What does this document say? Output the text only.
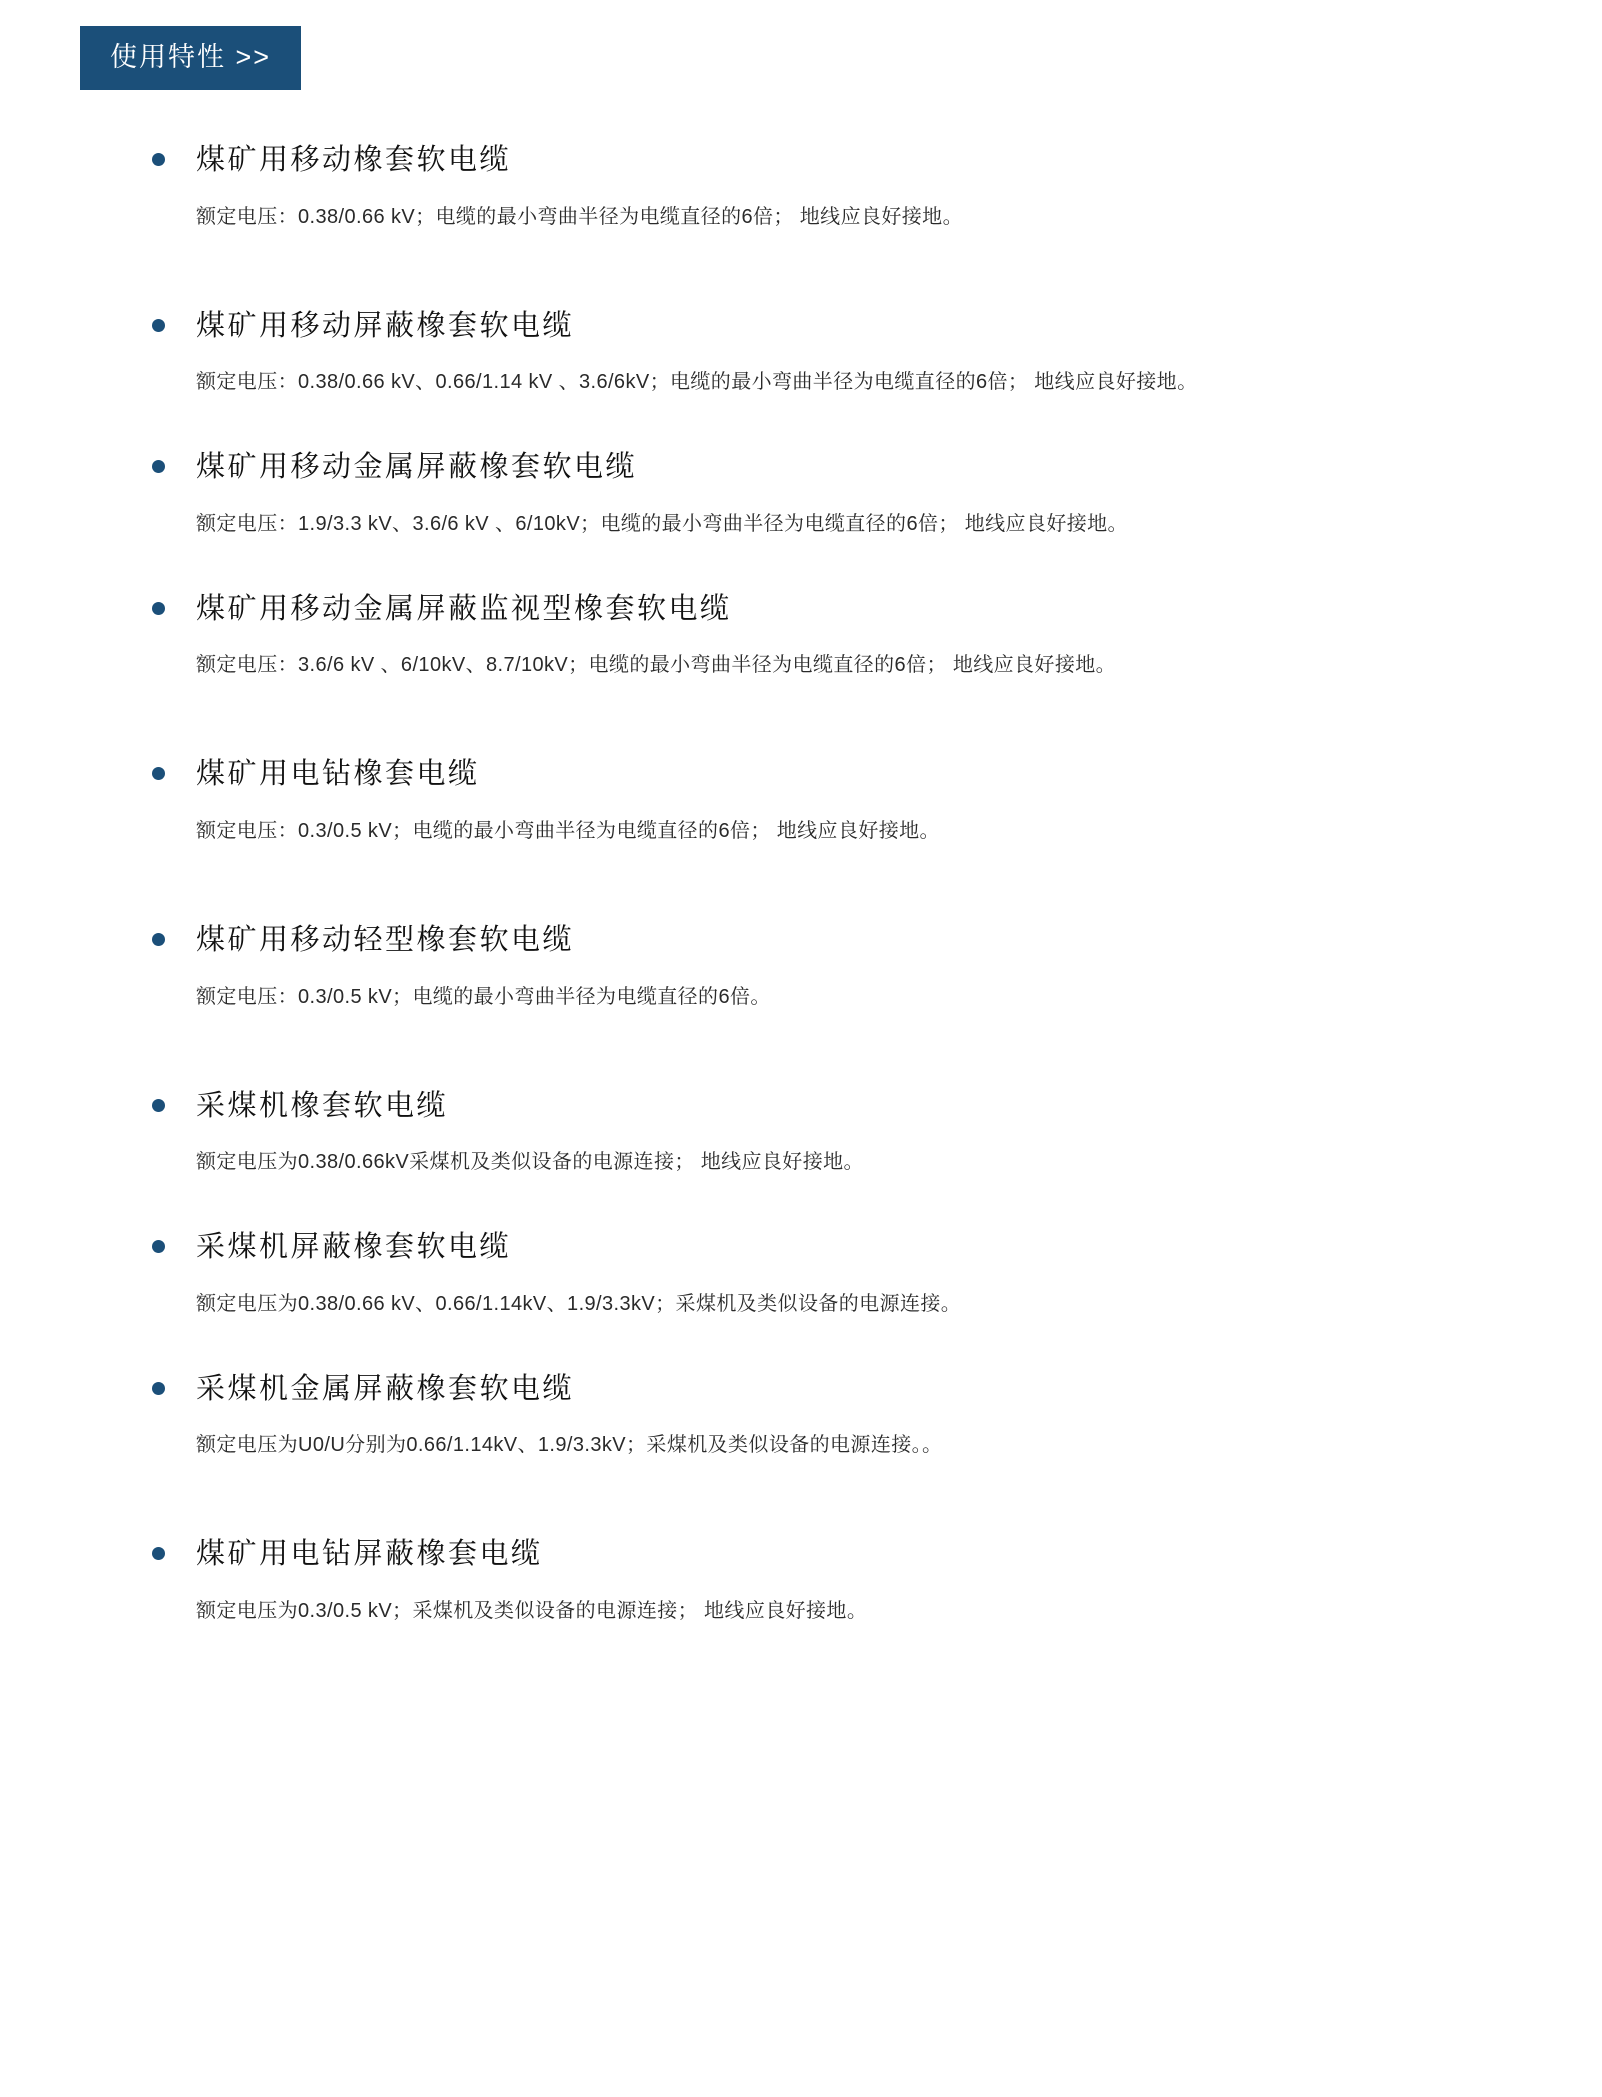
使用特性 >>
煤矿用移动橡套软电缆
额定电压：0.38/0.66 kV；电缆的最小弯曲半径为电缆直径的6倍； 地线应良好接地。
煤矿用移动屏蔽橡套软电缆
额定电压：0.38/0.66 kV、0.66/1.14 kV 、3.6/6kV；电缆的最小弯曲半径为电缆直径的6倍； 地线应良好接地。
煤矿用移动金属屏蔽橡套软电缆
额定电压：1.9/3.3 kV、3.6/6 kV 、6/10kV；电缆的最小弯曲半径为电缆直径的6倍； 地线应良好接地。
煤矿用移动金属屏蔽监视型橡套软电缆
额定电压：3.6/6 kV 、6/10kV、8.7/10kV；电缆的最小弯曲半径为电缆直径的6倍； 地线应良好接地。
煤矿用电钻橡套电缆
额定电压：0.3/0.5 kV；电缆的最小弯曲半径为电缆直径的6倍； 地线应良好接地。
煤矿用移动轻型橡套软电缆
额定电压：0.3/0.5 kV；电缆的最小弯曲半径为电缆直径的6倍。
采煤机橡套软电缆
额定电压为0.38/0.66kV采煤机及类似设备的电源连接； 地线应良好接地。
采煤机屏蔽橡套软电缆
额定电压为0.38/0.66 kV、0.66/1.14kV、1.9/3.3kV；采煤机及类似设备的电源连接。
采煤机金属屏蔽橡套软电缆
额定电压为U0/U分别为0.66/1.14kV、1.9/3.3kV；采煤机及类似设备的电源连接。。
煤矿用电钻屏蔽橡套电缆
额定电压为0.3/0.5 kV；采煤机及类似设备的电源连接； 地线应良好接地。
